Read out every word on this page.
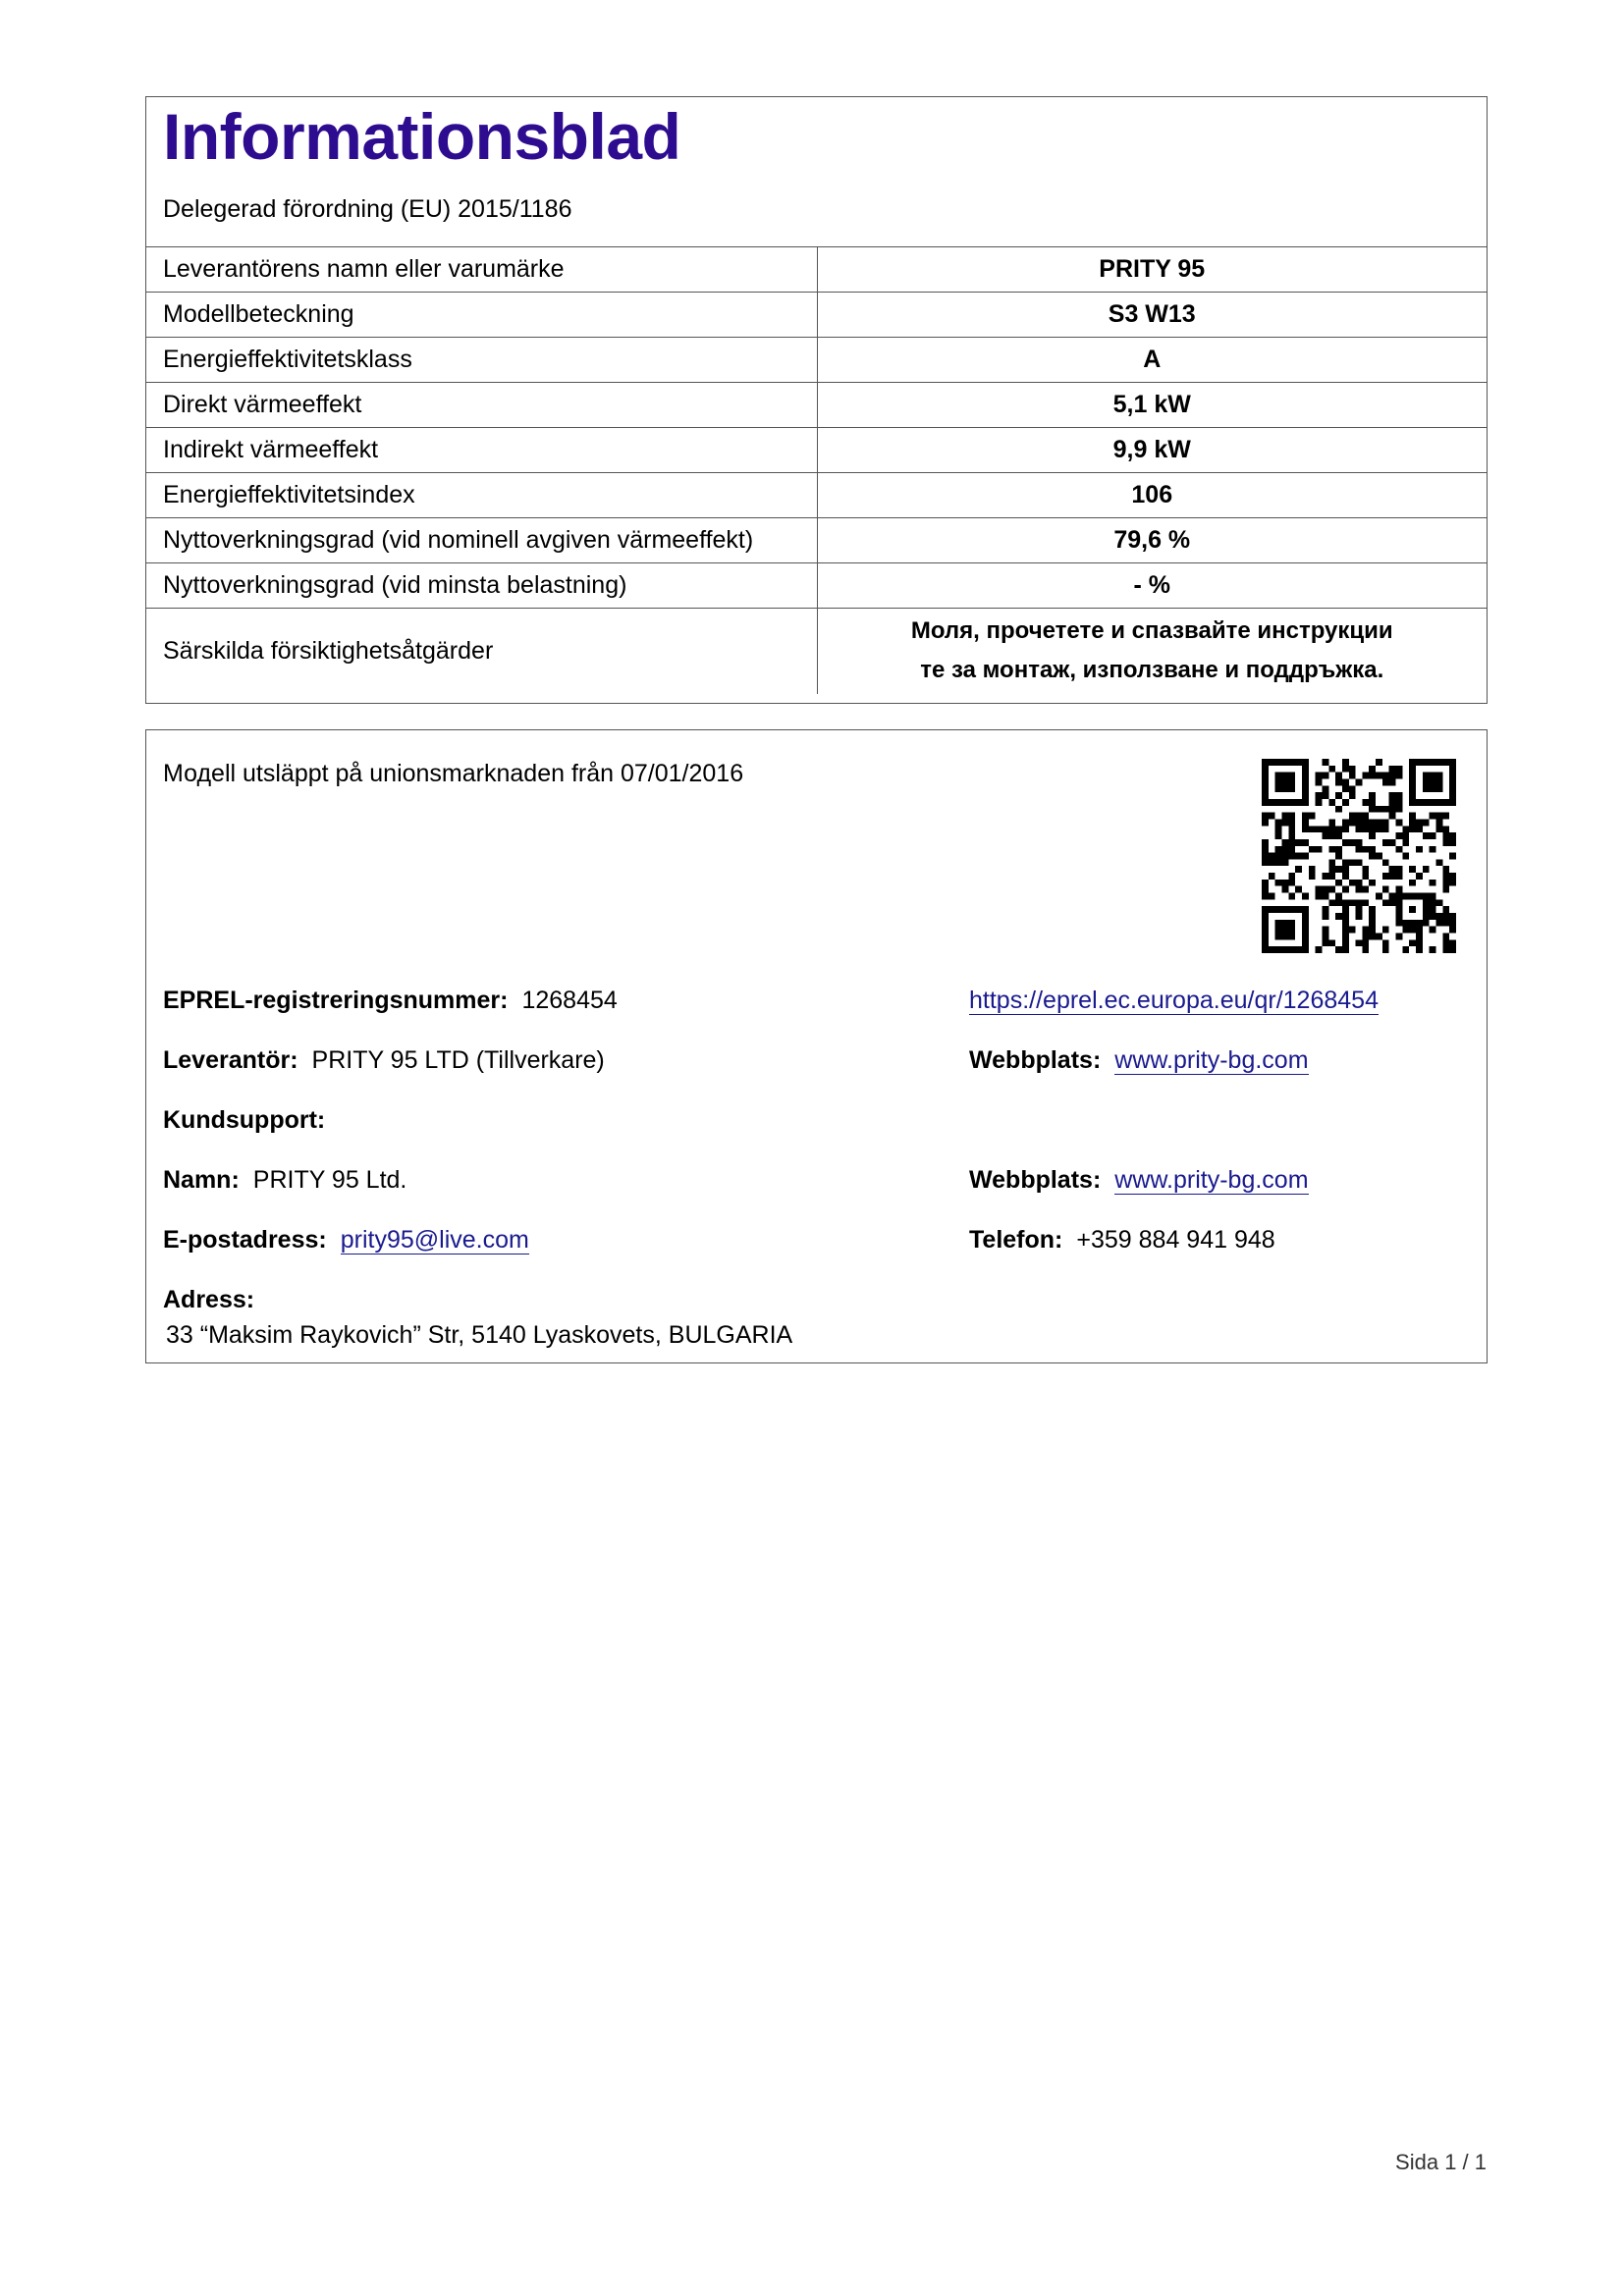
Informationsblad
Delegerad förordning (EU) 2015/1186
Leverantörens namn eller varumärke	PRITY 95
Modellbeteckning	S3 W13
Energieffektivitetsklass	A
Direkt värmeeffekt	5,1 kW
Indirekt värmeeffekt	9,9 kW
Energieffektivitetsindex	106
Nyttoverkningsgrad (vid nominell avgiven värmeeffekt)	79,6 %
Nyttoverkningsgrad (vid minsta belastning)	- %
Särskilda försiktighetsåtgärder	Моля, прочетете и спазвайте инструкции
те за монтаж, използване и поддръжка.
Модell utsläppt på unionsmarknaden från 07/01/2016
EPREL-registreringsnummer: 1268454	https://eprel.ec.europa.eu/qr/1268454
Leverantör: PRITY 95 LTD (Tillverkare)	Webbplats: www.prity-bg.com
Kundsupport:
Namn: PRITY 95 Ltd.	Webbplats: www.prity-bg.com
E-postadress: prity95@live.com	Telefon: +359 884 941 948
Adress:
33 “Maksim Raykovich” Str, 5140 Lyaskovets, BULGARIA
Sida 1 / 1
